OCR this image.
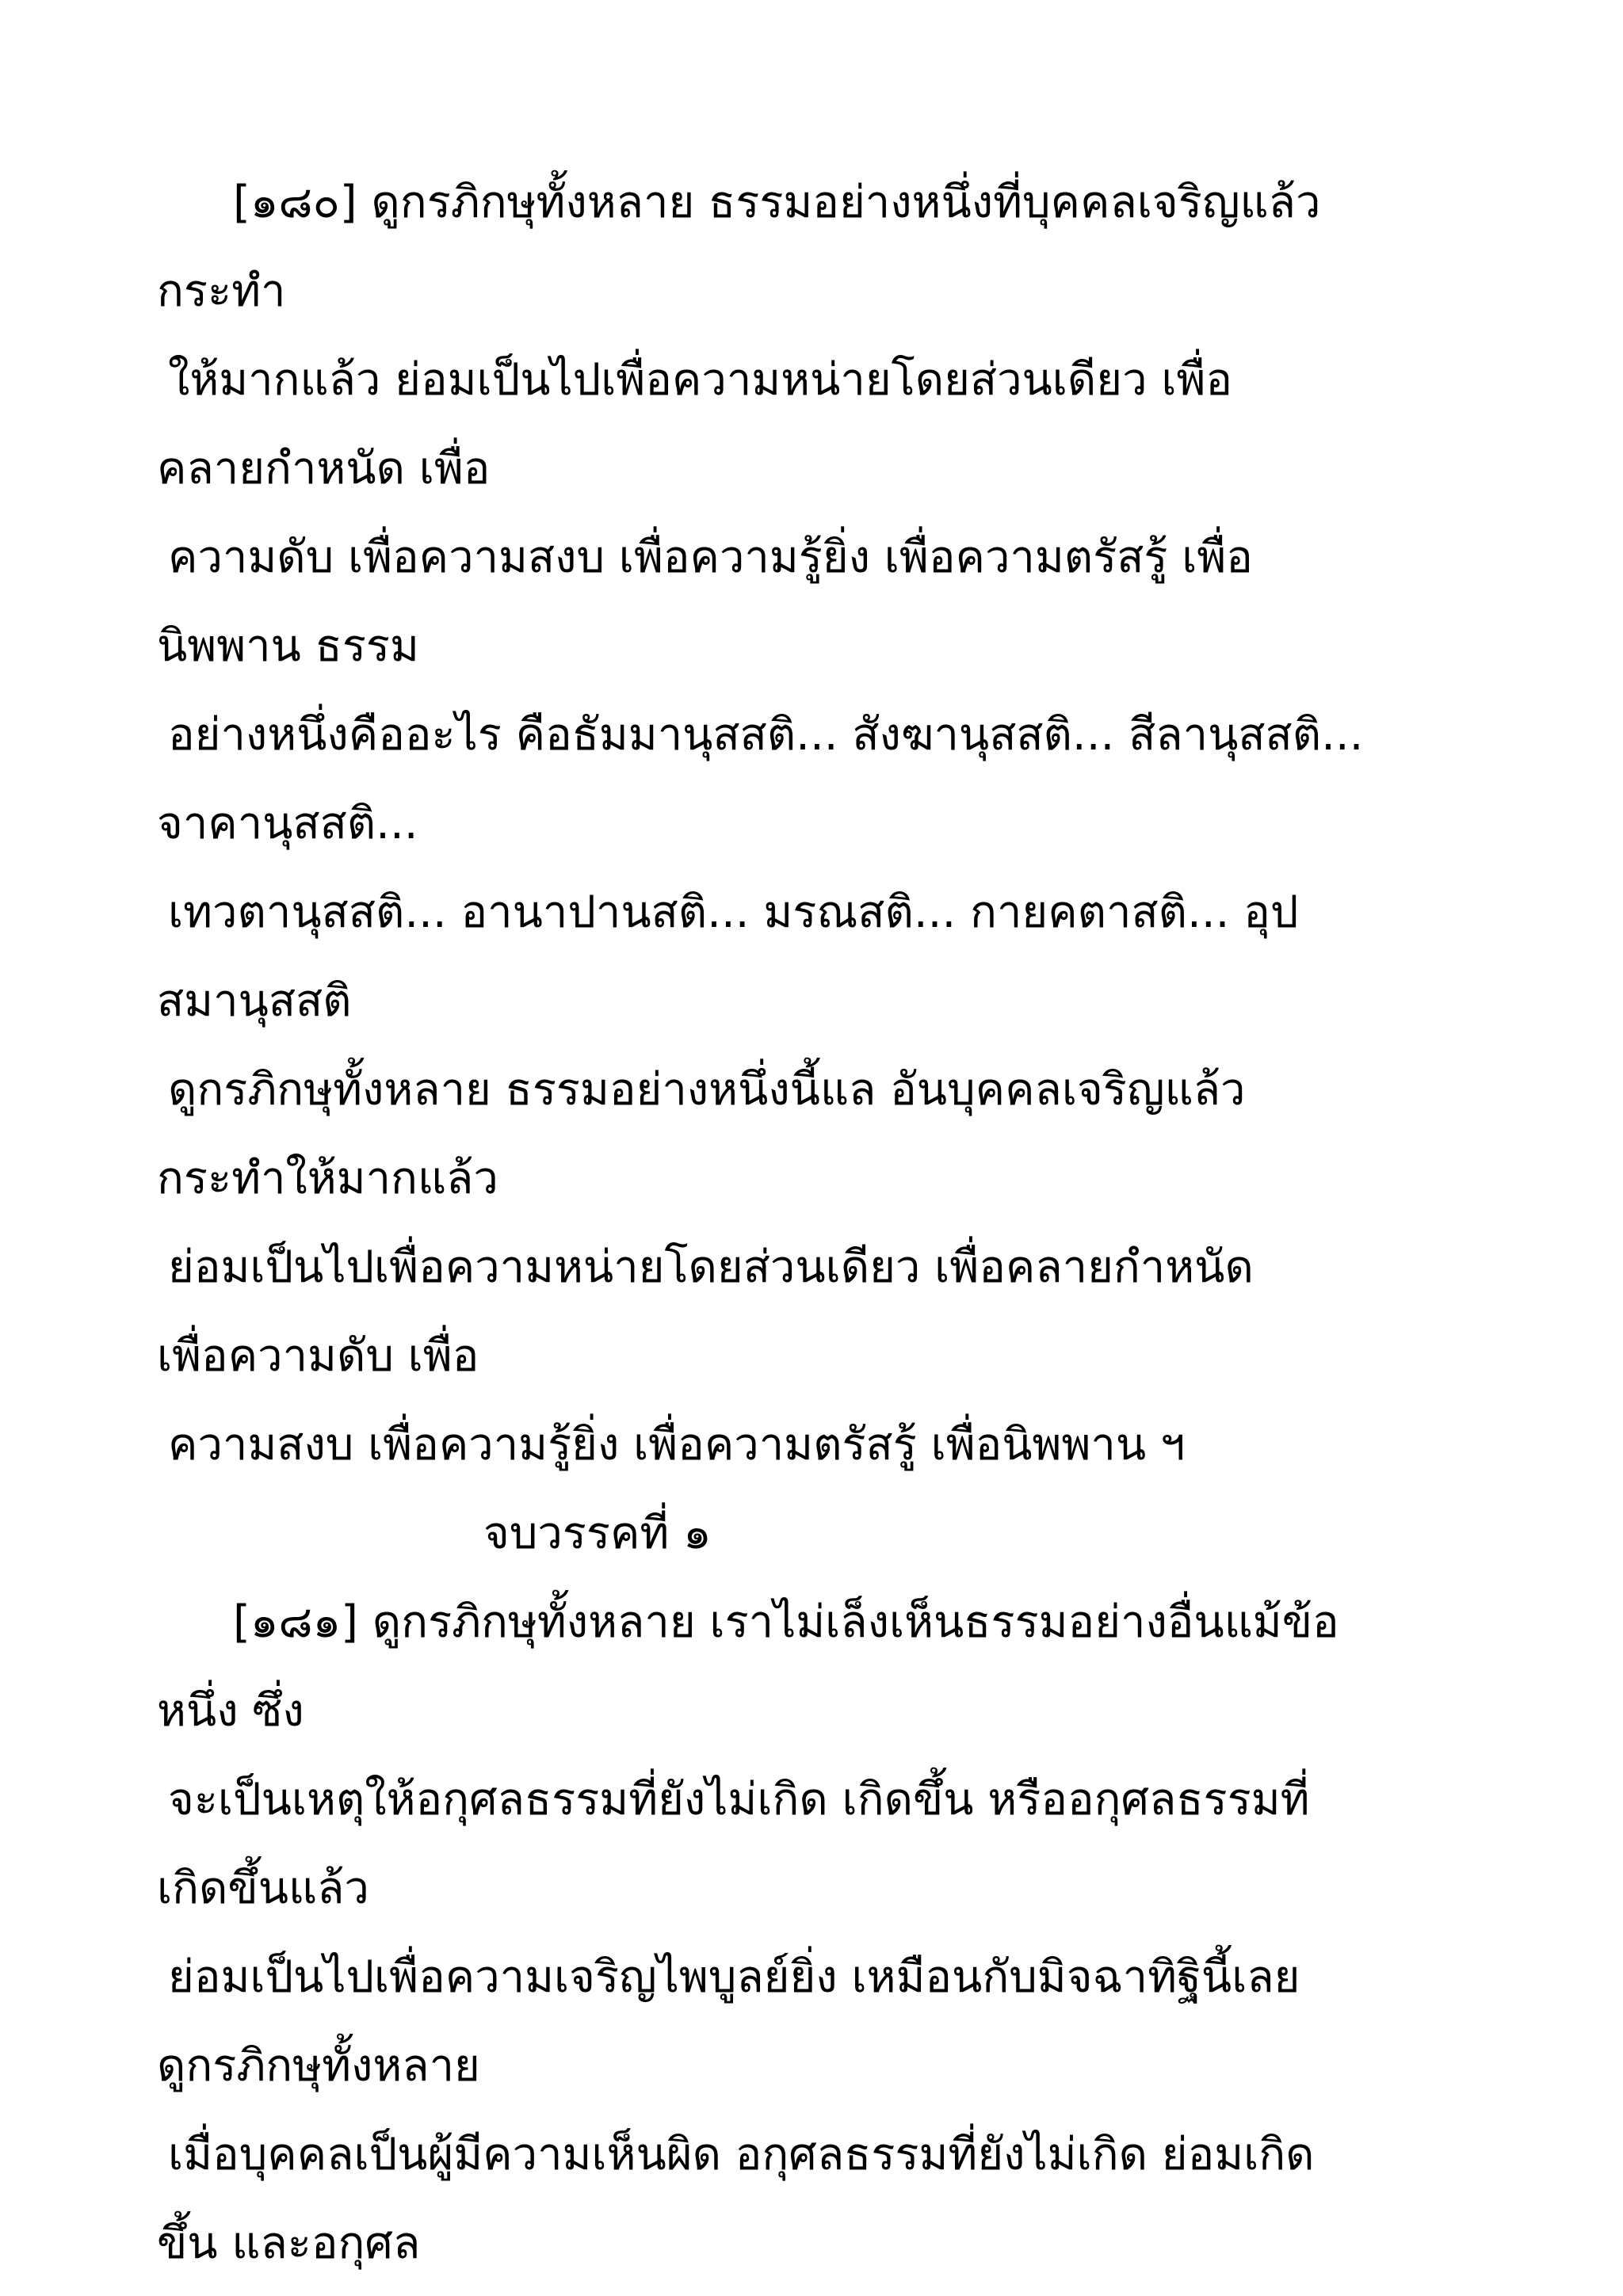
[๑๘๐] ดูกรภิกษุทั้งหลาย ธรรมอย่างหนึ่งที่บุคคลเจริญแล้ว
กระทำ
ให้มากแล้ว ย่อมเป็นไปเพื่อความหน่ายโดยส่วนเดียว เพื่อ
คลายกำหนัด เพื่อ
ความดับ เพื่อความสงบ เพื่อความรู้ยิ่ง เพื่อความตรัสรู้ เพื่อ
นิพพาน ธรรม
อย่างหนึ่งคืออะไร คือธัมมานุสสติ... สังฆานุสสติ... สีลานุสสติ...
จาคานุสสติ...
เทวตานุสสติ... อานาปานสติ... มรณสติ... กายคตาสติ... อุป
สมานุสสติ
ดูกรภิกษุทั้งหลาย ธรรมอย่างหนึ่งนี้แล อันบุคคลเจริญแล้ว
กระทำให้มากแล้ว
ย่อมเป็นไปเพื่อความหน่ายโดยส่วนเดียว เพื่อคลายกำหนัด
เพื่อความดับ เพื่อ
ความสงบ เพื่อความรู้ยิ่ง เพื่อความตรัสรู้ เพื่อนิพพาน ฯ
จบวรรคที่ ๑
[๑๘๑] ดูกรภิกษุทั้งหลาย เราไม่เล็งเห็นธรรมอย่างอื่นแม้ข้อ
หนึ่ง ซึ่ง
จะเป็นเหตุให้อกุศลธรรมที่ยังไม่เกิด เกิดขึ้น หรืออกุศลธรรมที่
เกิดขึ้นแล้ว
ย่อมเป็นไปเพื่อความเจริญไพบูลย์ยิ่ง เหมือนกับมิจฉาทิฐินี้เลย
ดูกรภิกษุทั้งหลาย
เมื่อบุคคลเป็นผู้มีความเห็นผิด อกุศลธรรมที่ยังไม่เกิด ย่อมเกิด
ขึ้น และอกุศล
